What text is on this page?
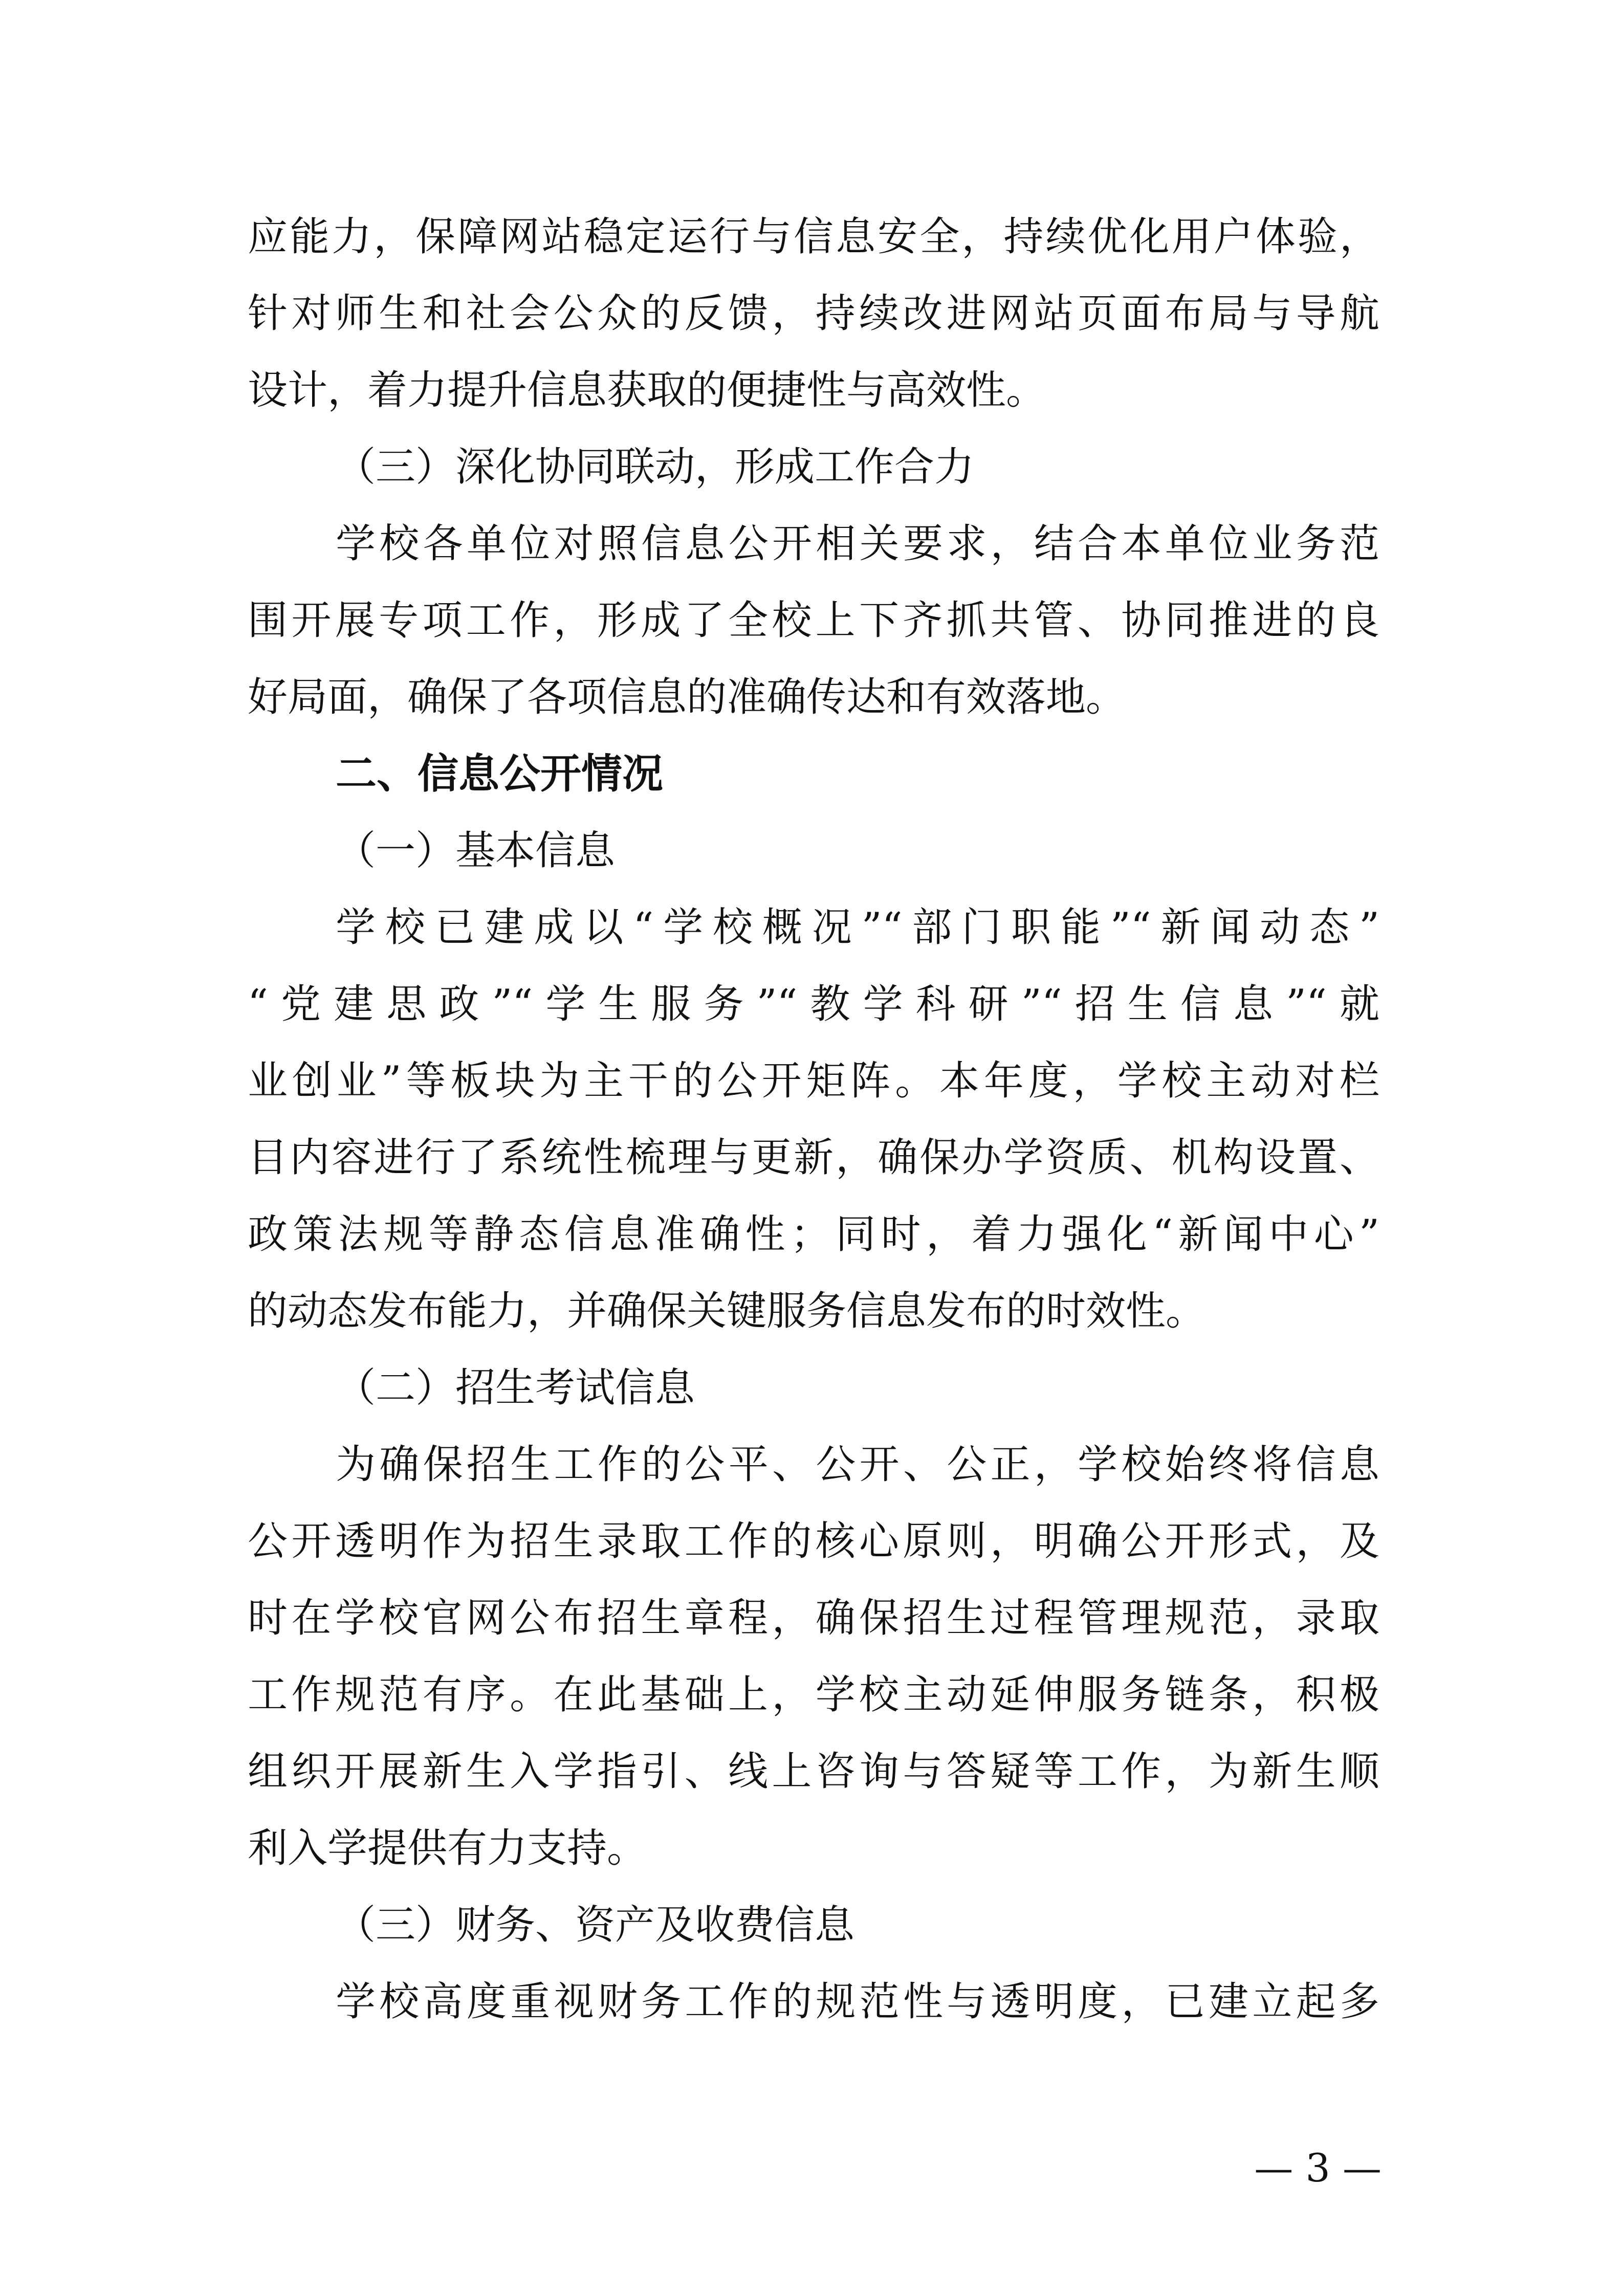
应能力，保障网站稳定运行与信息安全，持续优化用户体验，
针对师生和社会公众的反馈，持续改进网站页面布局与导航
设计，着力提升信息获取的便捷性与高效性。
（三）深化协同联动，形成工作合力
学校各单位对照信息公开相关要求，结合本单位业务范
围开展专项工作，形成了全校上下齐抓共管、协同推进的良
好局面，确保了各项信息的准确传达和有效落地。
二、信息公开情况
（一）基本信息
学校已建成以“学校概况”“部门职能”“新闻动态”
“党建思政”“学生服务”“教学科研”“招生信息”“就
业创业”等板块为主干的公开矩阵。本年度，学校主动对栏
目内容进行了系统性梳理与更新，确保办学资质、机构设置、
政策法规等静态信息准确性；同时，着力强化“新闻中心”
的动态发布能力，并确保关键服务信息发布的时效性。
（二）招生考试信息
为确保招生工作的公平、公开、公正，学校始终将信息
公开透明作为招生录取工作的核心原则，明确公开形式，及
时在学校官网公布招生章程，确保招生过程管理规范，录取
工作规范有序。在此基础上，学校主动延伸服务链条，积极
组织开展新生入学指引、线上咨询与答疑等工作，为新生顺
利入学提供有力支持。
（三）财务、资产及收费信息
学校高度重视财务工作的规范性与透明度，已建立起多
— 3 —
